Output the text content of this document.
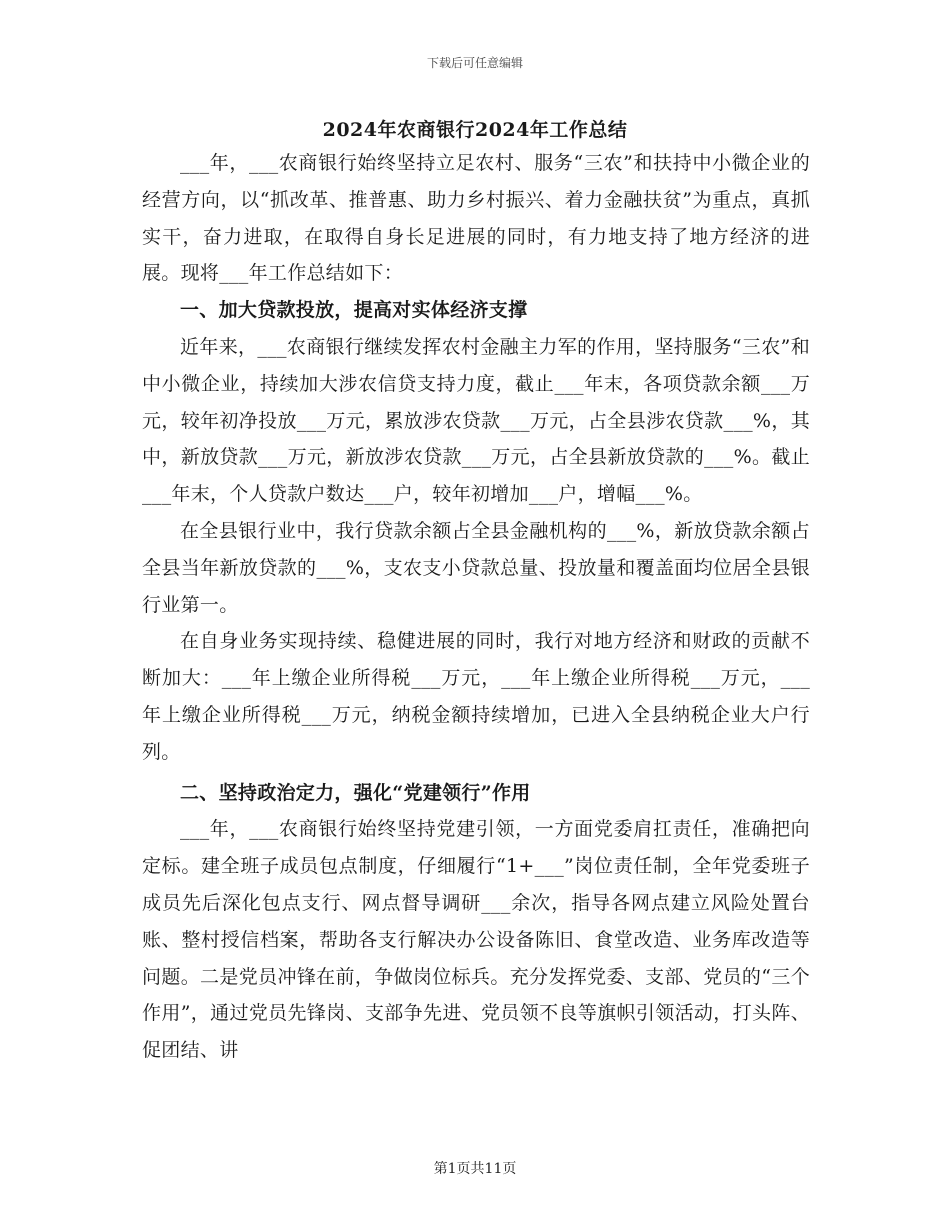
下载后可任意编辑
2024年农商银行2024年工作总结

___年，___农商银行始终坚持立足农村、服务“三农”和扶持中小微企业的经营方向，以“抓改革、推普惠、助力乡村振兴、着力金融扶贫”为重点，真抓实干，奋力进取，在取得自身长足进展的同时，有力地支持了地方经济的进展。现将___年工作总结如下：

一、加大贷款投放，提高对实体经济支撑

近年来，___农商银行继续发挥农村金融主力军的作用，坚持服务“三农”和中小微企业，持续加大涉农信贷支持力度，截止___年末，各项贷款余额___万元，较年初净投放___万元，累放涉农贷款___万元，占全县涉农贷款___%，其中，新放贷款___万元，新放涉农贷款___万元，占全县新放贷款的___%。截止___年末，个人贷款户数达___户，较年初增加___户，增幅___%。

在全县银行业中，我行贷款余额占全县金融机构的___%，新放贷款余额占全县当年新放贷款的___%，支农支小贷款总量、投放量和覆盖面均位居全县银行业第一。

在自身业务实现持续、稳健进展的同时，我行对地方经济和财政的贡献不断加大：___年上缴企业所得税___万元，___年上缴企业所得税___万元，___年上缴企业所得税___万元，纳税金额持续增加，已进入全县纳税企业大户行列。

二、坚持政治定力，强化“党建领行”作用

___年，___农商银行始终坚持党建引领，一方面党委肩扛责任，准确把向定标。建全班子成员包点制度，仔细履行“1+___”岗位责任制，全年党委班子成员先后深化包点支行、网点督导调研___余次，指导各网点建立风险处置台账、整村授信档案，帮助各支行解决办公设备陈旧、食堂改造、业务库改造等问题。二是党员冲锋在前，争做岗位标兵。充分发挥党委、支部、党员的“三个作用”，通过党员先锋岗、支部争先进、党员领不良等旗帜引领活动，打头阵、促团结、讲

第1页共11页
